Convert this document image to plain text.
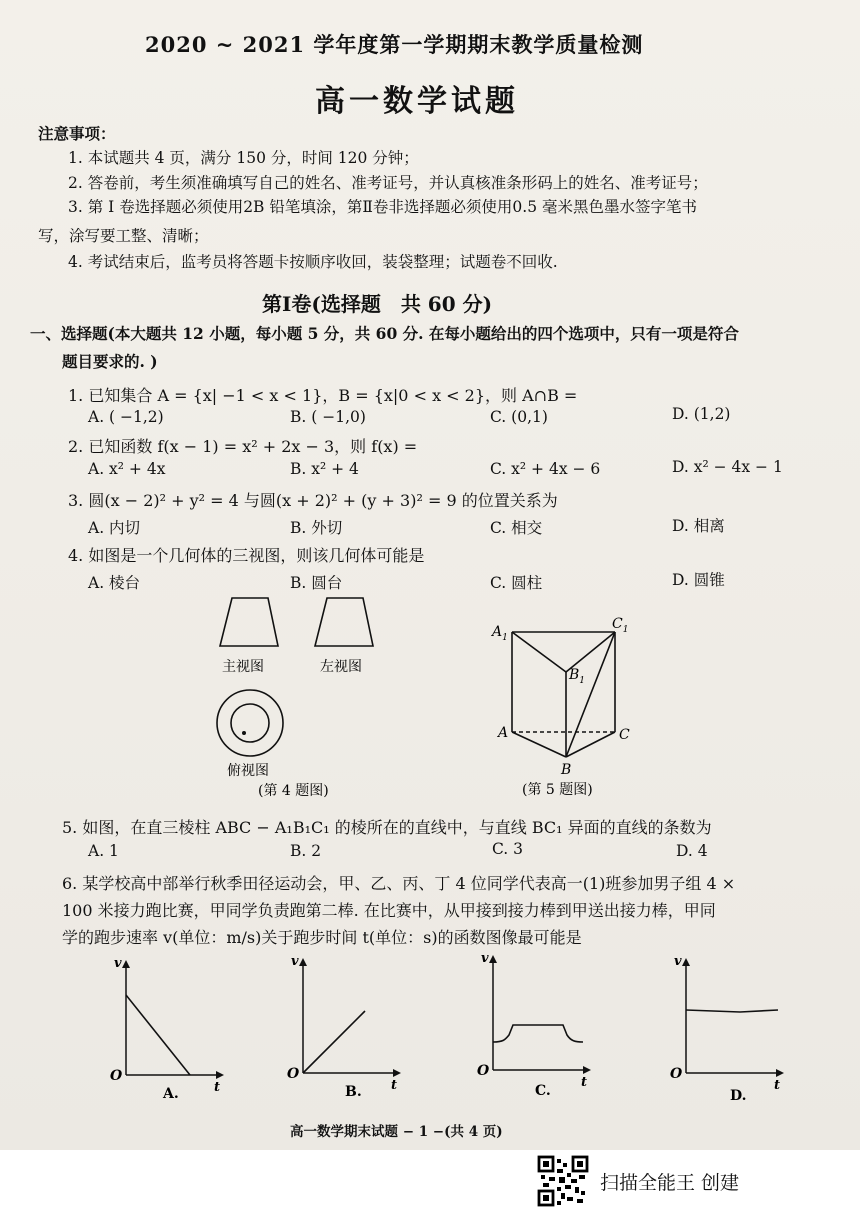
2020 ~ 2021 学年度第一学期期末教学质量检测
高一数学试题
注意事项：
1. 本试题共 4 页，满分 150 分，时间 120 分钟；
2. 答卷前，考生须准确填写自己的姓名、准考证号，并认真核准条形码上的姓名、准考证号；
3. 第 Ⅰ 卷选择题必须使用2B 铅笔填涂，第Ⅱ卷非选择题必须使用0.5 毫米黑色墨水签字笔书
写，涂写要工整、清晰；
4. 考试结束后，监考员将答题卡按顺序收回，装袋整理；试题卷不回收.
第Ⅰ卷(选择题　共 60 分)
一、选择题(本大题共 12 小题，每小题 5 分，共 60 分. 在每小题给出的四个选项中，只有一项是符合
题目要求的. )
1. 已知集合 A = {x| −1 < x < 1}，B = {x|0 < x < 2}，则 A∩B =
A. ( −1,2)	B. ( −1,0)	C. (0,1)	D. (1,2)
2. 已知函数 f(x − 1) = x² + 2x − 3，则 f(x) =
A. x² + 4x	B. x² + 4	C. x² + 4x − 6	D. x² − 4x − 1
3. 圆(x − 2)² + y² = 4 与圆(x + 2)² + (y + 3)² = 9 的位置关系为
A. 内切	B. 外切	C. 相交	D. 相离
4. 如图是一个几何体的三视图，则该几何体可能是
A. 棱台	B. 圆台	C. 圆柱	D. 圆锥
主视图	左视图
俯视图
(第 4 题图)
$A_1$
$C_1$
$B_1$
A	C
B
(第 5 题图)
5. 如图，在直三棱柱 ABC − A₁B₁C₁ 的棱所在的直线中，与直线 BC₁ 异面的直线的条数为
A. 1	B. 2	C. 3	D. 4
6. 某学校高中部举行秋季田径运动会，甲、乙、丙、丁 4 位同学代表高一(1)班参加男子组 4 ×
100 米接力跑比赛，甲同学负责跑第二棒. 在比赛中，从甲接到接力棒到甲送出接力棒，甲同
学的跑步速率 v(单位：m/s)关于跑步时间 t(单位：s)的函数图像最可能是
v
t
O
A.
v
t
O
B.
v
t
O
C.
v
t
O
D.
高一数学期末试题 − 1 −(共 4 页)
扫描全能王 创建
